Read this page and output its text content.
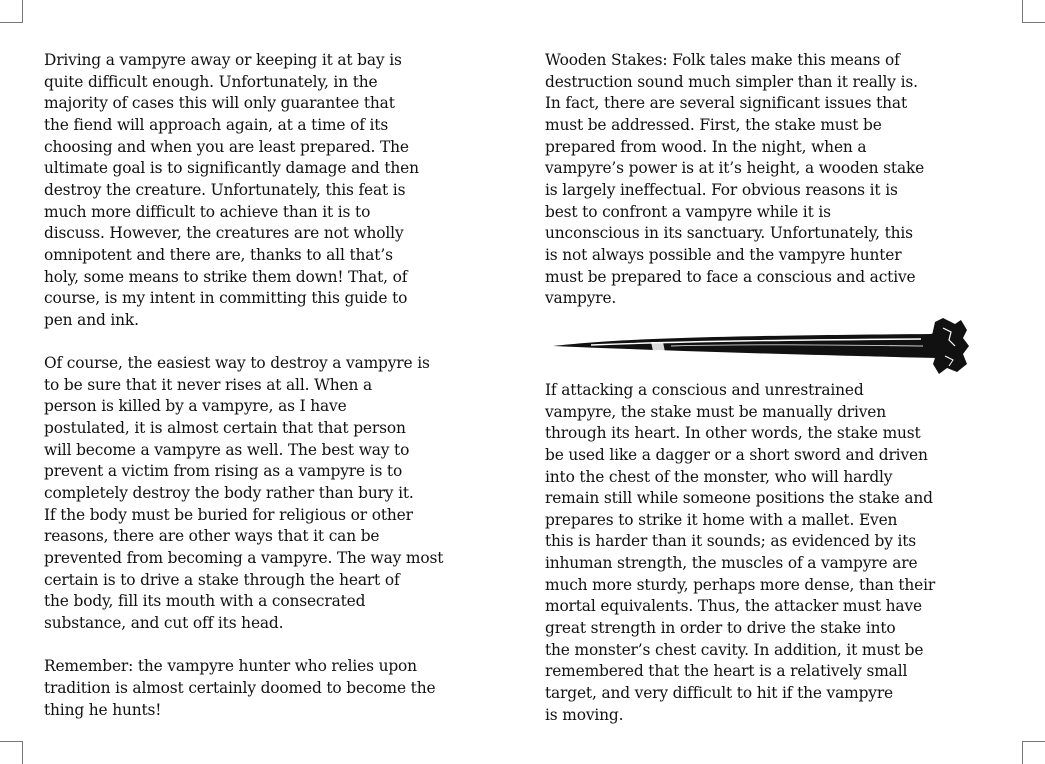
Driving a vampyre away or keeping it at bay is

quite difficult enough. Unfortunately, in the

majority of cases this will only guarantee that

the fiend will approach again, at a time of its

choosing and when you are least prepared. The

ultimate goal is to significantly damage and then

destroy the creature. Unfortunately, this feat is

much more difficult to achieve than it is to

discuss. However, the creatures are not wholly

omnipotent and there are, thanks to all that’s

holy, some means to strike them down! That, of

course, is my intent in committing this guide to

pen and ink.

Of course, the easiest way to destroy a vampyre is

to be sure that it never rises at all. When a

person is killed by a vampyre, as I have

postulated, it is almost certain that that person

will become a vampyre as well. The best way to

prevent a victim from rising as a vampyre is to

completely destroy the body rather than bury it.

If the body must be buried for religious or other

reasons, there are other ways that it can be

prevented from becoming a vampyre. The way most

certain is to drive a stake through the heart of

the body, fill its mouth with a consecrated

substance, and cut off its head.

Remember: the vampyre hunter who relies upon

tradition is almost certainly doomed to become the

thing he hunts!

Wooden Stakes: Folk tales make this means of

destruction sound much simpler than it really is.

In fact, there are several significant issues that

must be addressed. First, the stake must be

prepared from wood. In the night, when a

vampyre’s power is at it’s height, a wooden stake

is largely ineffectual. For obvious reasons it is

best to confront a vampyre while it is

unconscious in its sanctuary. Unfortunately, this

is not always possible and the vampyre hunter

must be prepared to face a conscious and active

vampyre.

If attacking a conscious and unrestrained

vampyre, the stake must be manually driven

through its heart. In other words, the stake must

be used like a dagger or a short sword and driven

into the chest of the monster, who will hardly

remain still while someone positions the stake and

prepares to strike it home with a mallet. Even

this is harder than it sounds; as evidenced by its

inhuman strength, the muscles of a vampyre are

much more sturdy, perhaps more dense, than their

mortal equivalents. Thus, the attacker must have

great strength in order to drive the stake into

the monster’s chest cavity. In addition, it must be

remembered that the heart is a relatively small

target, and very difficult to hit if the vampyre

is moving.
